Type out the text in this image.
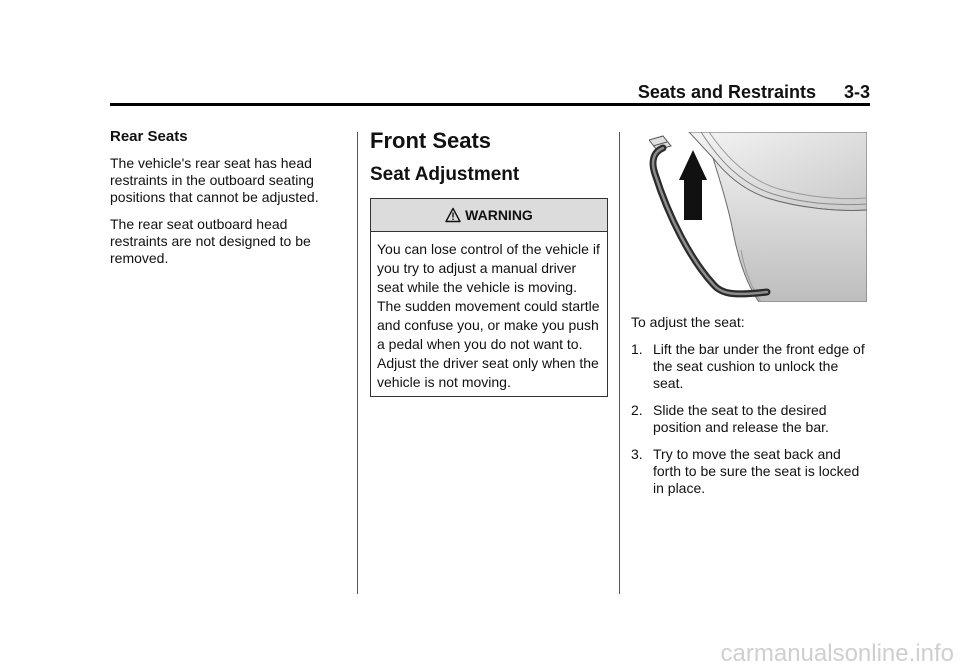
Seats and Restraints 3-3
Rear Seats

The vehicle's rear seat has head restraints in the outboard seating positions that cannot be adjusted.

The rear seat outboard head restraints are not designed to be removed.

Front Seats
Seat Adjustment
WARNING
You can lose control of the vehicle if you try to adjust a manual driver seat while the vehicle is moving. The sudden movement could startle and confuse you, or make you push a pedal when you do not want to. Adjust the driver seat only when the vehicle is not moving.

To adjust the seat:

1. Lift the bar under the front edge of the seat cushion to unlock the seat.
2. Slide the seat to the desired position and release the bar.
3. Try to move the seat back and forth to be sure the seat is locked in place.
carmanualsonline.info
